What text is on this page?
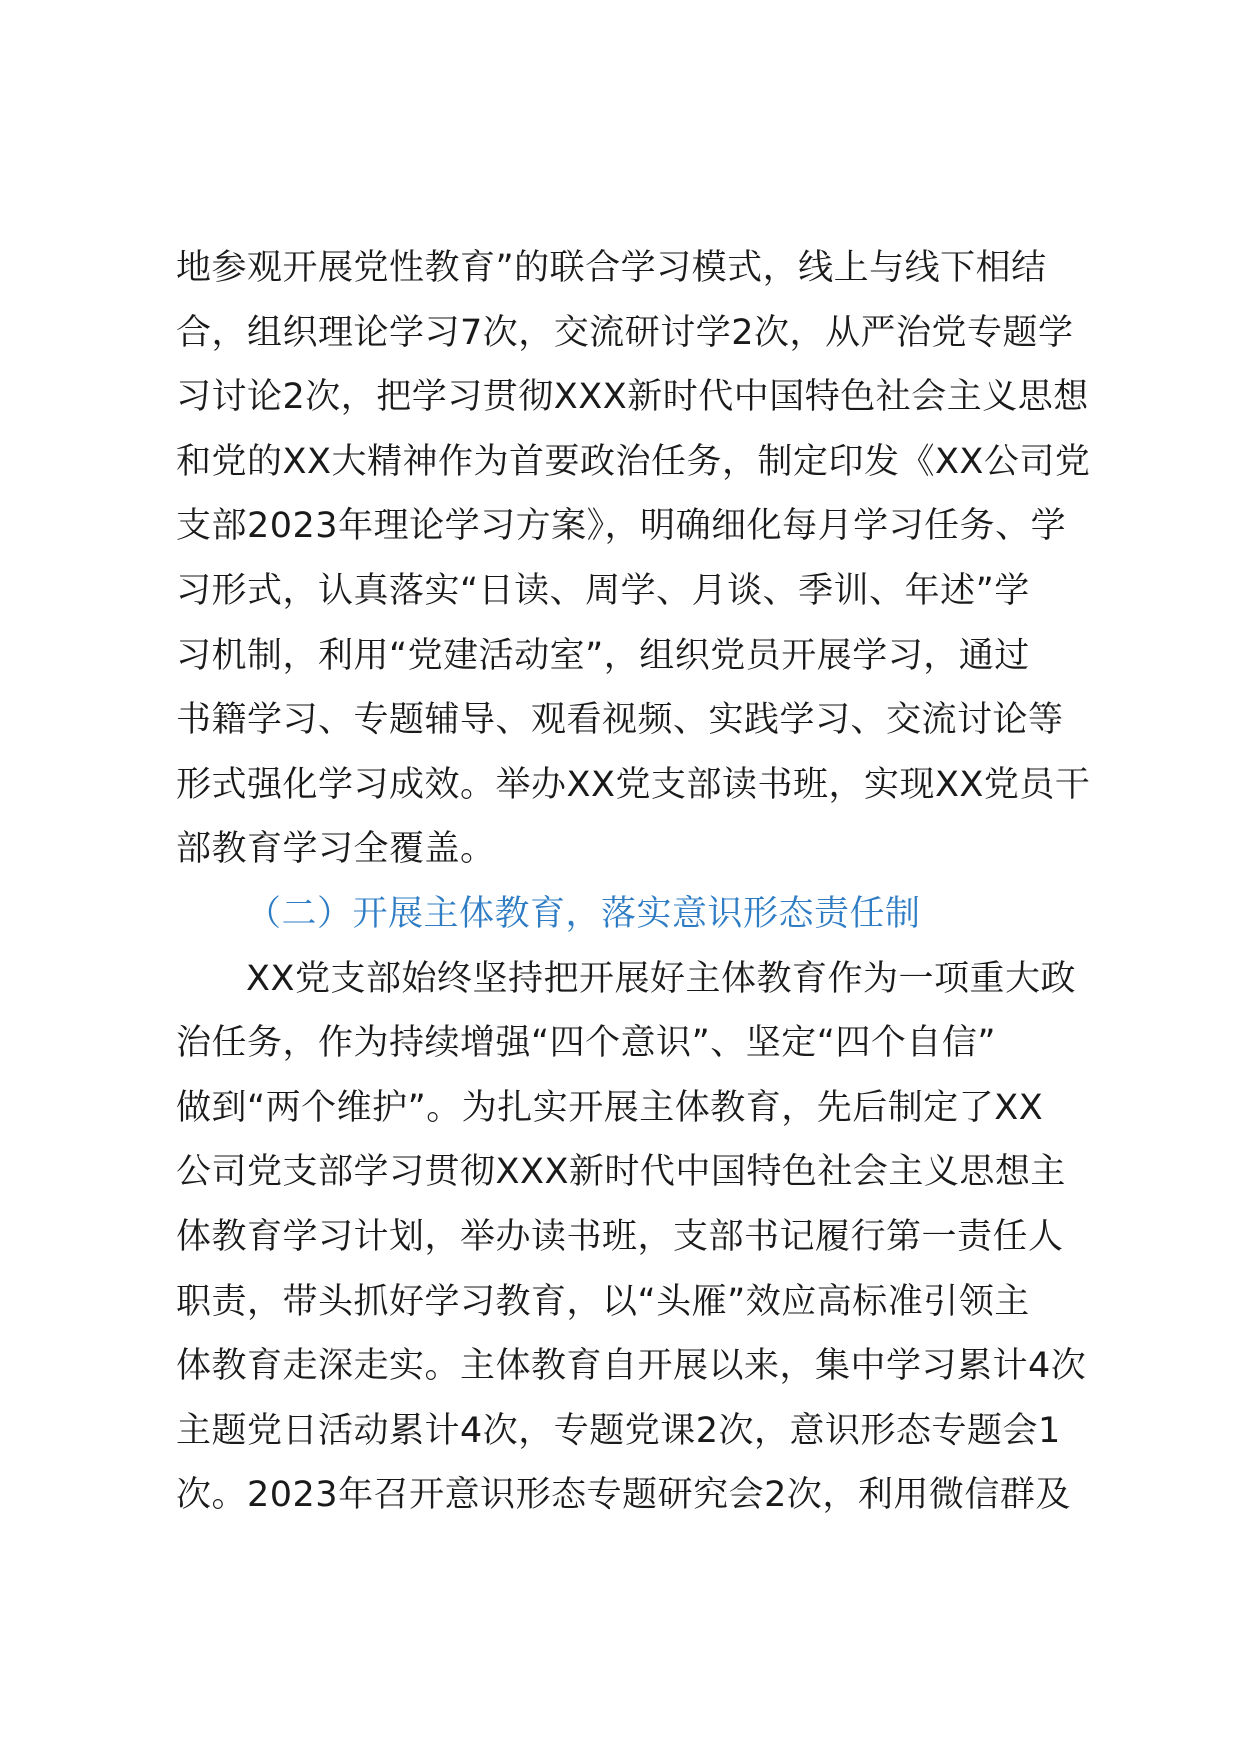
地参观开展党性教育”的联合学习模式，线上与线下相结
合，组织理论学习7次，交流研讨学2次，从严治党专题学
习讨论2次，把学习贯彻XXX新时代中国特色社会主义思想
和党的XX大精神作为首要政治任务，制定印发《XX公司党
支部2023年理论学习方案》，明确细化每月学习任务、学
习形式，认真落实“日读、周学、月谈、季训、年述”学
习机制，利用“党建活动室”，组织党员开展学习，通过
书籍学习、专题辅导、观看视频、实践学习、交流讨论等
形式强化学习成效。举办XX党支部读书班，实现XX党员干
部教育学习全覆盖。
（二）开展主体教育，落实意识形态责任制
XX党支部始终坚持把开展好主体教育作为一项重大政
治任务，作为持续增强“四个意识”、坚定“四个自信”
做到“两个维护”。为扎实开展主体教育，先后制定了XX
公司党支部学习贯彻XXX新时代中国特色社会主义思想主
体教育学习计划，举办读书班，支部书记履行第一责任人
职责，带头抓好学习教育，以“头雁”效应高标准引领主
体教育走深走实。主体教育自开展以来，集中学习累计4次
主题党日活动累计4次，专题党课2次，意识形态专题会1
次。2023年召开意识形态专题研究会2次，利用微信群及
